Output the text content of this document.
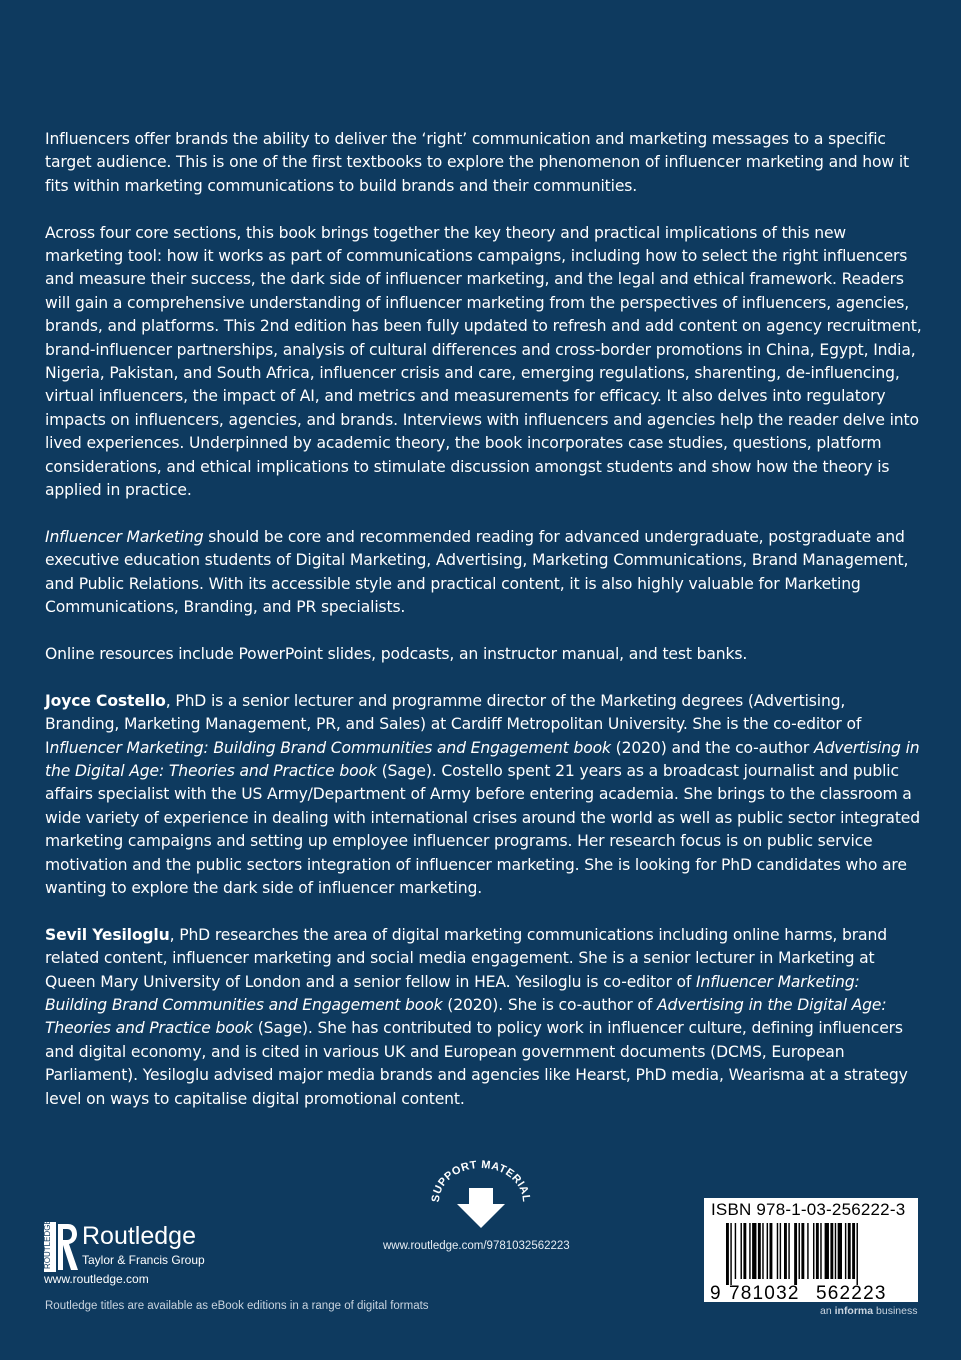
Influencers offer brands the ability to deliver the ‘right’ communication and marketing messages to a specific target audience. This is one of the first textbooks to explore the phenomenon of influencer marketing and how it fits within marketing communications to build brands and their communities.

Across four core sections, this book brings together the key theory and practical implications of this new marketing tool: how it works as part of communications campaigns, including how to select the right influencers and measure their success, the dark side of influencer marketing, and the legal and ethical framework. Readers will gain a comprehensive understanding of influencer marketing from the perspectives of influencers, agencies, brands, and platforms. This 2nd edition has been fully updated to refresh and add content on agency recruitment, brand-influencer partnerships, analysis of cultural differences and cross-border promotions in China, Egypt, India, Nigeria, Pakistan, and South Africa, influencer crisis and care, emerging regulations, sharenting, de-influencing, virtual influencers, the impact of AI, and metrics and measurements for efficacy. It also delves into regulatory impacts on influencers, agencies, and brands. Interviews with influencers and agencies help the reader delve into lived experiences. Underpinned by academic theory, the book incorporates case studies, questions, platform considerations, and ethical implications to stimulate discussion amongst students and show how the theory is applied in practice.

Influencer Marketing should be core and recommended reading for advanced undergraduate, postgraduate and executive education students of Digital Marketing, Advertising, Marketing Communications, Brand Management, and Public Relations. With its accessible style and practical content, it is also highly valuable for Marketing Communications, Branding, and PR specialists.

Online resources include PowerPoint slides, podcasts, an instructor manual, and test banks.

Joyce Costello, PhD is a senior lecturer and programme director of the Marketing degrees (Advertising, Branding, Marketing Management, PR, and Sales) at Cardiff Metropolitan University. She is the co-editor of Influencer Marketing: Building Brand Communities and Engagement book (2020) and the co-author Advertising in the Digital Age: Theories and Practice book (Sage). Costello spent 21 years as a broadcast journalist and public affairs specialist with the US Army/Department of Army before entering academia. She brings to the classroom a wide variety of experience in dealing with international crises around the world as well as public sector integrated marketing campaigns and setting up employee influencer programs. Her research focus is on public service motivation and the public sectors integration of influencer marketing. She is looking for PhD candidates who are wanting to explore the dark side of influencer marketing.

Sevil Yesiloglu, PhD researches the area of digital marketing communications including online harms, brand related content, influencer marketing and social media engagement. She is a senior lecturer in Marketing at Queen Mary University of London and a senior fellow in HEA. Yesiloglu is co-editor of Influencer Marketing: Building Brand Communities and Engagement book (2020). She is co-author of Advertising in the Digital Age: Theories and Practice book (Sage). She has contributed to policy work in influencer culture, defining influencers and digital economy, and is cited in various UK and European government documents (DCMS, European Parliament). Yesiloglu advised major media brands and agencies like Hearst, PhD media, Wearisma at a strategy level on ways to capitalise digital promotional content.

SUPPORT MATERIAL
www.routledge.com/9781032562223
ROUTLEDGE Routledge
Taylor & Francis Group
www.routledge.com
Routledge titles are available as eBook editions in a range of digital formats
ISBN 978-1-03-256222-3
9 781032 562223
an informa business
